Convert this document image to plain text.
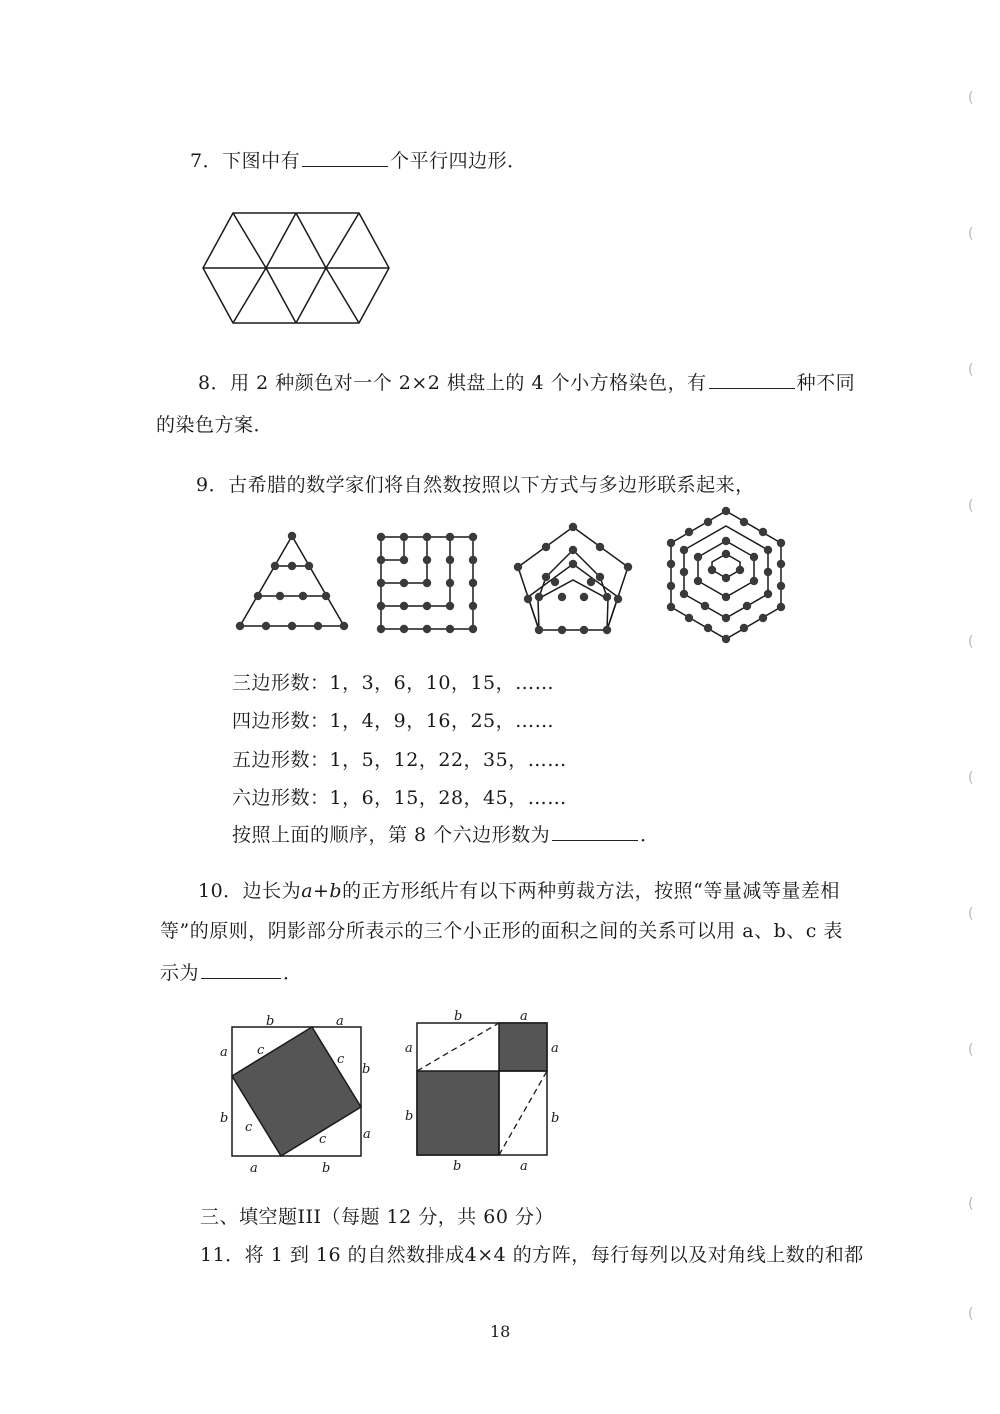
7．下图中有	个平行四边形．
8．用 2 种颜色对一个 2×2 棋盘上的 4 个小方格染色，有	种不同
的染色方案．
9．古希腊的数学家们将自然数按照以下方式与多边形联系起来，
三边形数：1，3，6，10，15，……
四边形数：1，4，9，16，25，……
五边形数：1，5，12，22，35，……
六边形数：1，6，15，28，45，……
按照上面的顺序，第 8 个六边形数为	．
10．边长为a+b的正方形纸片有以下两种剪裁方法，按照“等量减等量差相
等”的原则，阴影部分所表示的三个小正形的面积之间的关系可以用 a、b、c 表
示为	．
b	a
a
b
b
a
a	b
c
c
c
c
b	a
a
b
a
b
b	a
三、填空题III（每题 12 分，共 60 分）
11．将 1 到 16 的自然数排成4×4 的方阵，每行每列以及对角线上数的和都
18
(
(
(
(
(
(
(
(
(
(
